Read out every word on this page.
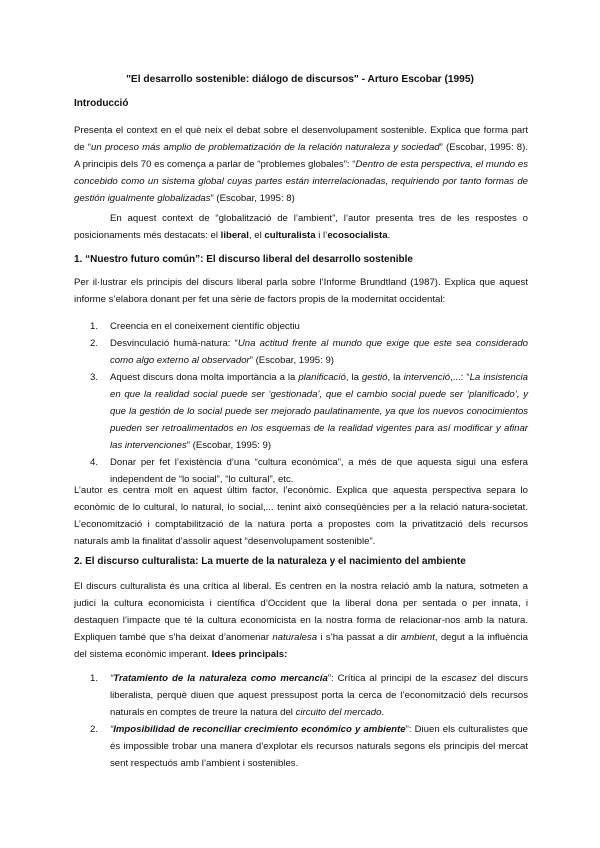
"El desarrollo sostenible: diálogo de discursos" - Arturo Escobar (1995)
Introducció

Presenta el context en el què neix el debat sobre el desenvolupament sostenible. Explica que forma part de “un proceso más amplio de problematización de la relación naturaleza y sociedad” (Escobar, 1995: 8). A principis dels 70 es comença a parlar de “problemes globales”: “Dentro de esta perspectiva, el mundo es concebido como un sistema global cuyas partes están interrelacionadas, requiriendo por tanto formas de gestión igualmente globalizadas” (Escobar, 1995: 8)

En aquest context de “globalització de l’ambient”, l’autor presenta tres de les respostes o posicionaments més destacats: el liberal, el culturalista i l’ecosocialista.

1. “Nuestro futuro común”: El discurso liberal del desarrollo sostenible

Per il·lustrar els principis del discurs liberal parla sobre l’Informe Brundtland (1987). Explica que aquest informe s’elabora donant per fet una sèrie de factors propis de la modernitat occidental:

1. Creencia en el coneixement científic objectiu
2. Desvinculació humà-natura: “Una actitud frente al mundo que exige que este sea considerado como algo externo al observador” (Escobar, 1995: 9)
3. Aquest discurs dona molta importància a la planificació, la gestió, la intervenció,...: “La insistencia en que la realidad social puede ser ‘gestionada’, que el cambio social puede ser ‘planificado’, y que la gestión de lo social puede ser mejorado paulatinamente, ya que los nuevos conocimientos pueden ser retroalimentados en los esquemas de la realidad vigentes para así modificar y afinar las intervenciones” (Escobar, 1995: 9)
4. Donar per fet l’existència d’una “cultura econòmica”, a més de que aquesta sigui una esfera independent de “lo social”, “lo cultural”, etc.

L’autor es centra molt en aquest últim factor, l’econòmic. Explica que aquesta perspectiva separa lo econòmic de lo cultural, lo natural, lo social,... tenint això conseqüències per a la relació natura-societat. L’economització i comptabilització de la natura porta a propostes com la privatització dels recursos naturals amb la finalitat d’assolir aquest “desenvolupament sostenible”.

2. El discurso culturalista: La muerte de la naturaleza y el nacimiento del ambiente

El discurs culturalista és una crítica al liberal. Es centren en la nostra relació amb la natura, sotmeten a judici la cultura economicista i científica d’Occident que la liberal dona per sentada o per innata, i destaquen l’impacte que té la cultura economicista en la nostra forma de relacionar-nos amb la natura. Expliquen també que s’ha deixat d’anomenar naturalesa i s’ha passat a dir ambient, degut a la influència del sistema econòmic imperant. Idees principals:

1. “Tratamiento de la naturaleza como mercancía”: Crítica al principi de la escasez del discurs liberalista, perquè diuen que aquest pressupost porta la cerca de l’economització dels recursos naturals en comptes de treure la natura del circuito del mercado.
2. “Imposibilidad de reconciliar crecimiento económico y ambiente”: Diuen els culturalistes que és impossible trobar una manera d’explotar els recursos naturals segons els principis del mercat sent respectuós amb l’ambient i sostenibles.
